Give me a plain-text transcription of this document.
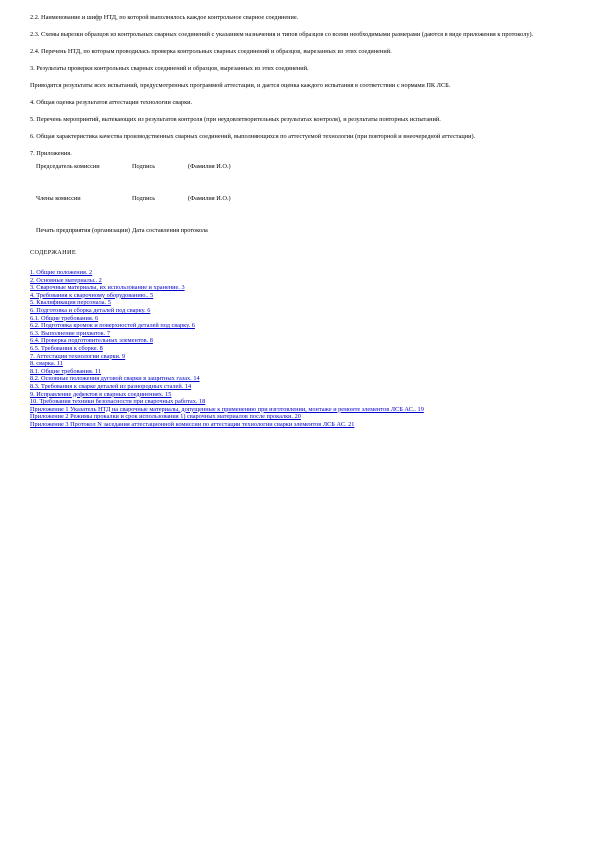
2.2. Наименование и шифр НТД, по которой выполнялось каждое контрольное сварное соединение.

2.3. Схемы вырезки образцов из контрольных сварных соединений с указанием назначения и типов образцов со всеми необходимыми размерами (даются в виде приложения к протоколу).

2.4. Перечень НТД, по которым проводилась проверка контрольных сварных соединений и образцов, вырезанных из этих соединений.

3. Результаты проверки контрольных сварных соединений и образцов, вырезанных из этих соединений.

Приводятся результаты всех испытаний, предусмотренных программой аттестации, и дается оценка каждого испытания в соответствии с нормами ПК ЛСБ.

4. Общая оценка результатов аттестации технологии сварки.

5. Перечень мероприятий, вытекающих из результатов контроля (при неудовлетворительных результатах контроля), и результаты повторных испытаний.

6. Общая характеристика качества производственных сварных соединений, выполняющихся по аттестуемой технологии (при повторной и внеочередной аттестации).

7. Приложения.

Председатель комиссии	Подпись	(Фамилия И.О.)

Члены комиссии	Подпись	(Фамилия И.О.)

Печать предприятия (организации)	Дата составления протокола	

СОДЕРЖАНИЕ

1. Общие положения. 2
2. Основные материалы.. 2
3. Сварочные материалы, их использование и хранение. 3
4. Требования к сварочному оборудованию.. 5
5. Квалификация персонала. 5
6. Подготовка и сборка деталей под сварку. 6
6.1. Общие требования. 6
6.2. Подготовка кромок и поверхностей деталей под сварку. 6
6.3. Выполнение прихваток. 7
6.4. Проверка подготовительных элементов. 8
6.5. Требования к сборке. 8
7. Аттестация технологии сварки. 9
8. сварка. 11
8.1. Общие требования. 11
8.2. Основные положения дуговой сварки в защитных газах. 14
8.3. Требования к сварке деталей из разнородных сталей. 14
9. Исправление дефектов в сварных соединениях. 15
10. Требования техники безопасности при сварочных работах. 18
Приложение 1 Указатель НТД на сварочные материалы, допущенные к применению при изготовлении, монтаже и ремонте элементов ЛСБ АС.. 19
Приложение 2 Режимы прокалки и срок использования 1) сварочных материалов после прокалки. 20
Приложение 3 Протокол N заседания аттестационной комиссии по аттестации технологии сварки элементов ЛСБ АС. 21
